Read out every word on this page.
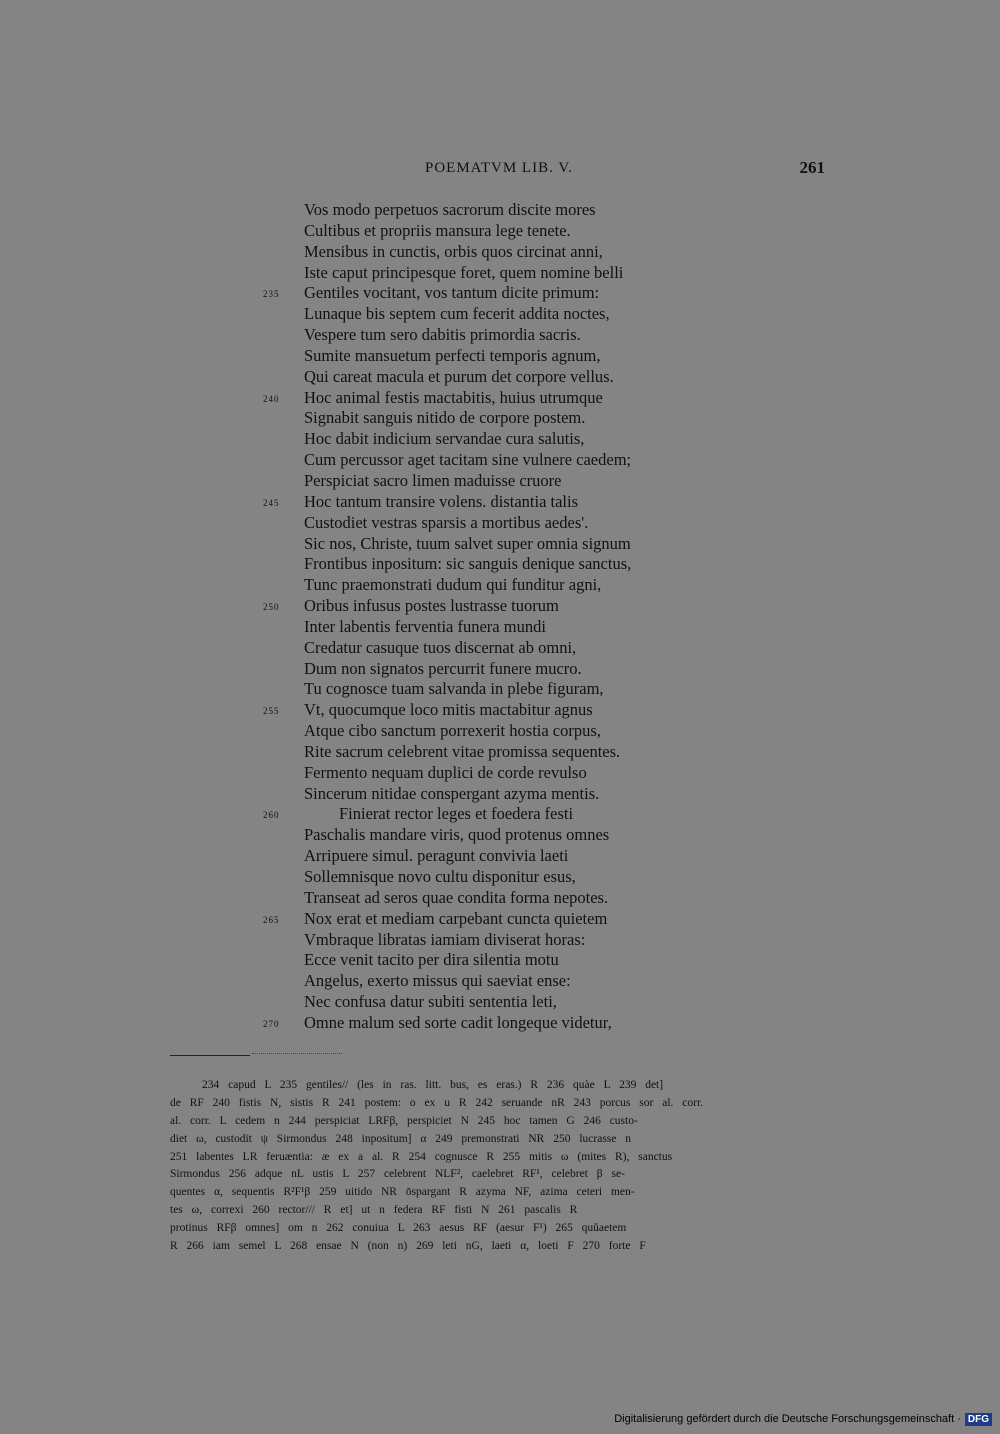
POEMATVM LIB. V.	261
Vos modo perpetuos sacrorum discite mores
Cultibus et propriis mansura lege tenete.
Mensibus in cunctis, orbis quos circinat anni,
Iste caput principesque foret, quem nomine belli
235 Gentiles vocitant, vos tantum dicite primum:
Lunaque bis septem cum fecerit addita noctes,
Vespere tum sero dabitis primordia sacris.
Sumite mansuetum perfecti temporis agnum,
Qui careat macula et purum det corpore vellus.
240 Hoc animal festis mactabitis, huius utrumque
Signabit sanguis nitido de corpore postem.
Hoc dabit indicium servandae cura salutis,
Cum percussor aget tacitam sine vulnere caedem;
Perspiciat sacro limen maduisse cruore
245 Hoc tantum transire volens. distantia talis
Custodiet vestras sparsis a mortibus aedes'.
Sic nos, Christe, tuum salvet super omnia signum
Frontibus inpositum: sic sanguis denique sanctus,
Tunc praemonstrati dudum qui funditur agni,
250 Oribus infusus postes lustrasse tuorum
Inter labentis ferventia funera mundi
Credatur casuque tuos discernat ab omni,
Dum non signatos percurrit funere mucro.
Tu cognosce tuam salvanda in plebe figuram,
255 Vt, quocumque loco mitis mactabitur agnus
Atque cibo sanctum porrexerit hostia corpus,
Rite sacrum celebrent vitae promissa sequentes.
Fermento nequam duplici de corde revulso
Sincerum nitidae conspergant azyma mentis.
260	Finierat rector leges et foedera festi
Paschalis mandare viris, quod protenus omnes
Arripuere simul. peragunt convivia laeti
Sollemnisque novo cultu disponitur esus,
Transeat ad seros quae condita forma nepotes.
265 Nox erat et mediam carpebant cuncta quietem
Vmbraque libratas iamiam diviserat horas:
Ecce venit tacito per dira silentia motu
Angelus, exerto missus qui saeviat ense:
Nec confusa datur subiti sententia leti,
270 Omne malum sed sorte cadit longeque videtur,
234 capud L 235 gentiles// (les in ras. litt. bus, es eras.) R 236 quàe L 239 det]
de RF 240 fistis N, sistis R 241 postem: o ex u R 242 seruande nR 243 porcus sor al. corr.
al. corr. L cedem n 244 perspiciat LRFβ, perspiciet N 245 hoc tamen G 246 custo-
diet ω, custodit ψ Sirmondus 248 inpositum] α 249 premonstrati NR 250 lucrasse n
251 labentes LR feruæntia: æ ex a al. R 254 cognusce R 255 mitis ω (mites R), sanctus
Sirmondus 256 adque nL ustis L 257 celebrent NLF², caelebret RF¹, celebret β se-
quentes α, sequentis R²F¹β 259 uitido NR ōspargant R azyma NF, azima ceteri men-
tes ω, correxi 260 rector/// R et] ut n federa RF fisti N 261 pascalis R
protinus RFβ omnes] om n 262 conuiua L 263 aesus RF (aesur F¹) 265 quǔaetem
R 266 iam semel L 268 ensae N (non n) 269 leti nG, laeti α, loeti F 270 forte F
Digitalisierung gefördert durch die Deutsche Forschungsgemeinschaft · DFG
